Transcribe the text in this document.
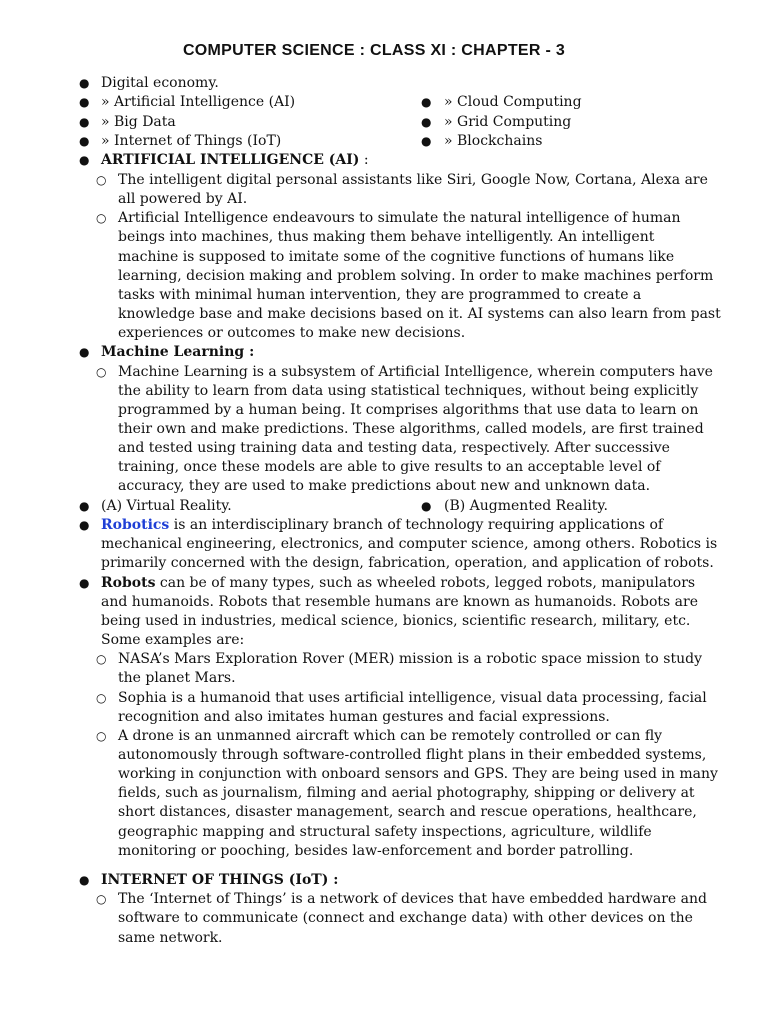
COMPUTER SCIENCE : CLASS XI : CHAPTER - 3
● Digital economy.
● » Artificial Intelligence (AI)	● » Cloud Computing
● » Big Data	● » Grid Computing
● » Internet of Things (IoT)	● » Blockchains
● ARTIFICIAL INTELLIGENCE (AI) :
○ The intelligent digital personal assistants like Siri, Google Now, Cortana, Alexa are
all powered by AI.
○ Artificial Intelligence endeavours to simulate the natural intelligence of human
beings into machines, thus making them behave intelligently. An intelligent
machine is supposed to imitate some of the cognitive functions of humans like
learning, decision making and problem solving. In order to make machines perform
tasks with minimal human intervention, they are programmed to create a
knowledge base and make decisions based on it. AI systems can also learn from past
experiences or outcomes to make new decisions.
● Machine Learning :
○ Machine Learning is a subsystem of Artificial Intelligence, wherein computers have
the ability to learn from data using statistical techniques, without being explicitly
programmed by a human being. It comprises algorithms that use data to learn on
their own and make predictions. These algorithms, called models, are first trained
and tested using training data and testing data, respectively. After successive
training, once these models are able to give results to an acceptable level of
accuracy, they are used to make predictions about new and unknown data.
● (A) Virtual Reality.	● (B) Augmented Reality.
● Robotics is an interdisciplinary branch of technology requiring applications of
mechanical engineering, electronics, and computer science, among others. Robotics is
primarily concerned with the design, fabrication, operation, and application of robots.
● Robots can be of many types, such as wheeled robots, legged robots, manipulators
and humanoids. Robots that resemble humans are known as humanoids. Robots are
being used in industries, medical science, bionics, scientific research, military, etc.
Some examples are:
○ NASA’s Mars Exploration Rover (MER) mission is a robotic space mission to study
the planet Mars.
○ Sophia is a humanoid that uses artificial intelligence, visual data processing, facial
recognition and also imitates human gestures and facial expressions.
○ A drone is an unmanned aircraft which can be remotely controlled or can fly
autonomously through software-controlled flight plans in their embedded systems,
working in conjunction with onboard sensors and GPS. They are being used in many
fields, such as journalism, filming and aerial photography, shipping or delivery at
short distances, disaster management, search and rescue operations, healthcare,
geographic mapping and structural safety inspections, agriculture, wildlife
monitoring or pooching, besides law-enforcement and border patrolling.
● INTERNET OF THINGS (IoT) :
○ The ‘Internet of Things’ is a network of devices that have embedded hardware and
software to communicate (connect and exchange data) with other devices on the
same network.
